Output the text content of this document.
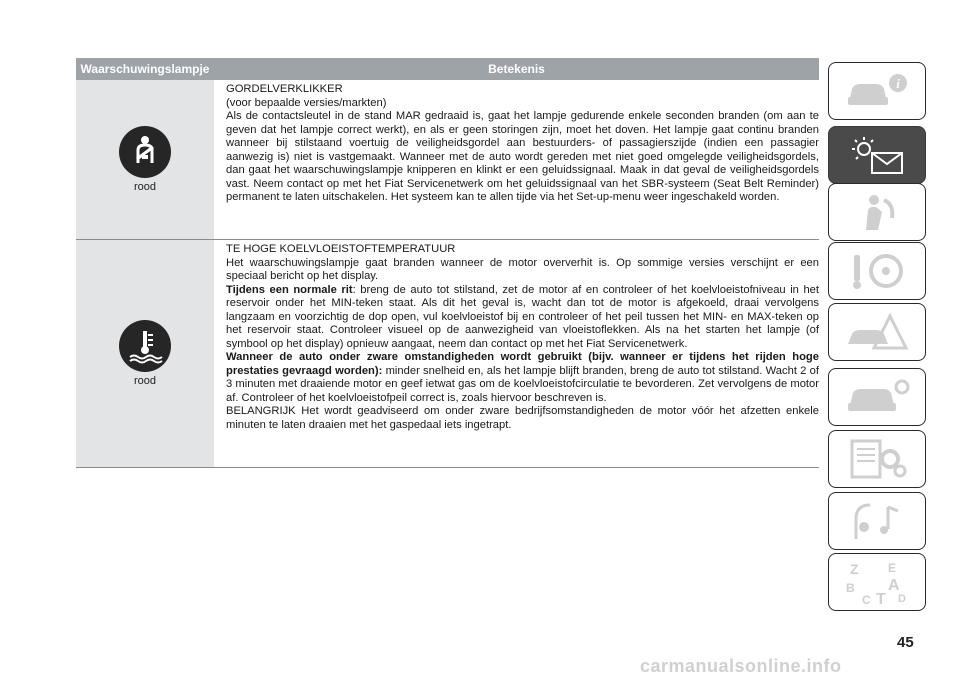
Waarschuwingslampje	Betekenis
rood

GORDELVERKLIKKER

(voor bepaalde versies/markten)

Als de contactsleutel in de stand MAR gedraaid is, gaat het lampje gedurende enkele seconden branden (om aan te geven dat het lampje correct werkt), en als er geen storingen zijn, moet het doven. Het lampje gaat continu branden wanneer bij stilstaand voertuig de veiligheidsgordel aan bestuurders- of passagierszijde (indien een passagier aanwezig is) niet is vastgemaakt. Wanneer met de auto wordt gereden met niet goed omgelegde veiligheidsgordels, dan gaat het waarschuwingslampje knipperen en klinkt er een geluidssignaal. Maak in dat geval de veiligheidsgordels vast. Neem contact op met het Fiat Servicenetwerk om het geluidssignaal van het SBR-systeem (Seat Belt Reminder) permanent te laten uitschakelen. Het systeem kan te allen tijde via het Set-up-menu weer ingeschakeld worden.

rood

TE HOGE KOELVLOEISTOFTEMPERATUUR

Het waarschuwingslampje gaat branden wanneer de motor oververhit is. Op sommige versies verschijnt er een speciaal bericht op het display.

Tijdens een normale rit: breng de auto tot stilstand, zet de motor af en controleer of het koelvloeistofniveau in het reservoir onder het MIN-teken staat. Als dit het geval is, wacht dan tot de motor is afgekoeld, draai vervolgens langzaam en voorzichtig de dop open, vul koelvloeistof bij en controleer of het peil tussen het MIN- en MAX-teken op het reservoir staat. Controleer visueel op de aanwezigheid van vloeistoflekken. Als na het starten het lampje (of symbool op het display) opnieuw aangaat, neem dan contact op met het Fiat Servicenetwerk.

Wanneer de auto onder zware omstandigheden wordt gebruikt (bijv. wanneer er tijdens het rijden hoge prestaties gevraagd worden): minder snelheid en, als het lampje blijft branden, breng de auto tot stilstand. Wacht 2 of 3 minuten met draaiende motor en geef ietwat gas om de koelvloeistofcirculatie te bevorderen. Zet vervolgens de motor af. Controleer of het koelvloeistofpeil correct is, zoals hiervoor beschreven is.

BELANGRIJK Het wordt geadviseerd om onder zware bedrijfsomstandigheden de motor vóór het afzetten enkele minuten te laten draaien met het gaspedaal iets ingetrapt.

i
Z E
B A
C T D
45
carmanualsonline.info
